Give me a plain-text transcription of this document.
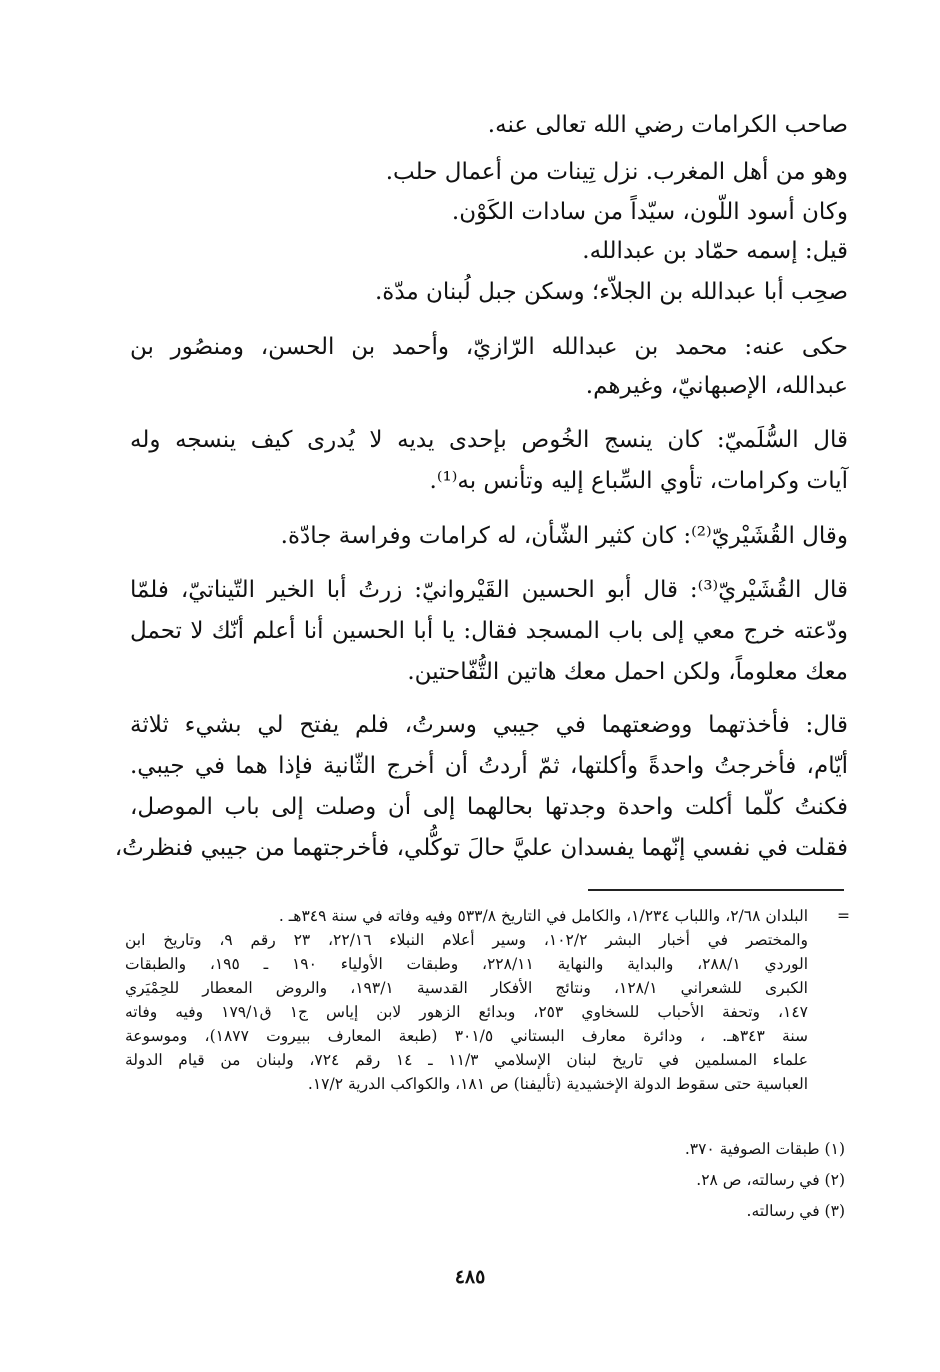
صاحب الكرامات رضي الله تعالى عنه.
وهو من أهل المغرب. نزل تِينات من أعمال حلب.
وكان أسود اللّون، سيّداً من سادات الكَوْن.
قيل: إسمه حمّاد بن عبدالله.
صحِب أبا عبدالله بن الجلاّء؛ وسكن جبل لُبنان مدّة.
حكى عنه: محمد بن عبدالله الرّازيّ، وأحمد بن الحسن، ومنصُور بن
عبدالله، الإصبهانيّ، وغيرهم.
قال السُّلَميّ: كان ينسج الخُوص بإحدى يديه لا يُدرى كيف ينسجه وله
آيات وكرامات، تأوي السِّباع إليه وتأنس به⁽¹⁾.
وقال القُشَيْريّ⁽²⁾: كان كثير الشّأن، له كرامات وفراسة جادّة.
قال القُشَيْريّ⁽³⁾: قال أبو الحسين القَيْروانيّ: زرتُ أبا الخير التّيناتيّ، فلمّا
ودّعته خرج معي إلى باب المسجد فقال: يا أبا الحسين أنا أعلم أنّك لا تحمل
معك معلوماً، ولكن احمل معك هاتين التُّفّاحتين.
قال: فأخذتهما ووضعتهما في جيبي وسرتُ، فلم يفتح لي بشيء ثلاثة
أيّام، فأخرجتُ واحدةً وأكلتها، ثمّ أردتُ أن أخرج الثّانية فإذا هما في جيبي.
فكنتُ كلّما أكلت واحدة وجدتها بحالهما إلى أن وصلت إلى باب الموصل،
فقلت في نفسي إنّهما يفسدان عليَّ حالَ توكُّلي، فأخرجتهما من جيبي فنظرتُ،
=
البلدان ٢/٦٨، واللباب ١/٢٣٤، والكامل في التاريخ ٥٣٣/٨ وفيه وفاته في سنة ٣٤٩هـ .
والمختصر في أخبار البشر ١٠٢/٢، وسير أعلام النبلاء ٢٢/١٦، ٢٣ رقم ٩، وتاريخ ابن
الوردي ٢٨٨/١، والبداية والنهاية ٢٢٨/١١، وطبقات الأولياء ١٩٠ ـ ١٩٥، والطبقات
الكبرى للشعراني ١٢٨/١، ونتائج الأفكار القدسية ١٩٣/١، والروض المعطار للحِمْيَري
١٤٧، وتحفة الأحباب للسخاوي ٢٥٣، وبدائع الزهور لابن إياس ج١ ق١٧٩/١ وفيه وفاته
سنة ٣٤٣هـ. ، ودائرة معارف البستاني ٣٠١/٥ (طبعة المعارف ببيروت ١٨٧٧)، وموسوعة
علماء المسلمين في تاريخ لبنان الإسلامي ١١/٣ ـ ١٤ رقم ٧٢٤، ولبنان من قيام الدولة
العباسية حتى سقوط الدولة الإخشيدية (تأليفنا) ص ١٨١، والكواكب الدرية ١٧/٢.
(١) طبقات الصوفية ٣٧٠.
(٢) في رسالته، ص ٢٨.
(٣) في رسالته.
٤٨٥
